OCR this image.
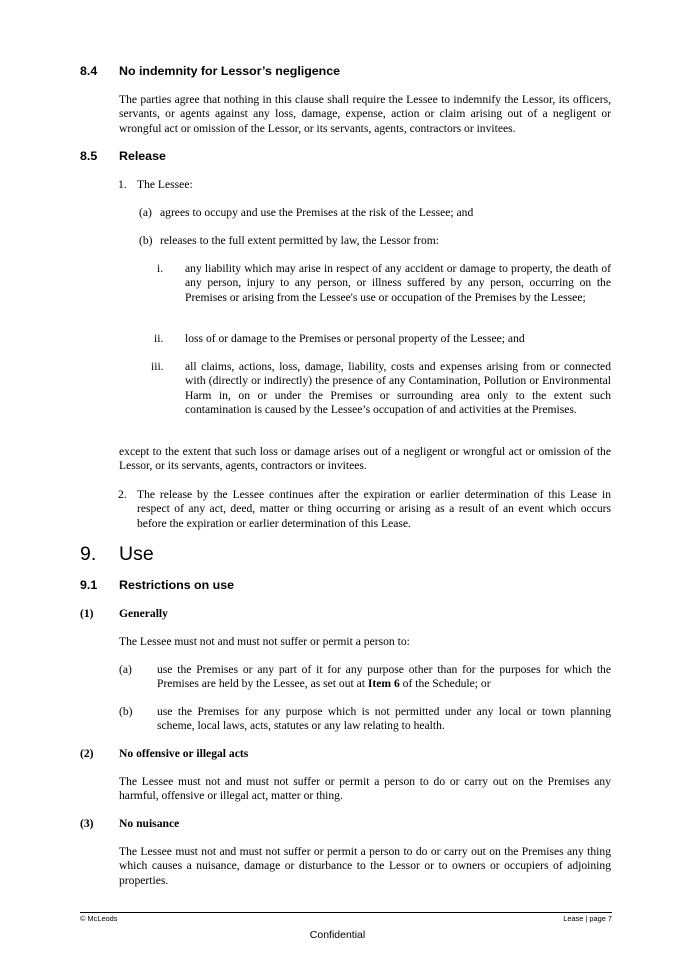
8.4 No indemnity for Lessor’s negligence
The parties agree that nothing in this clause shall require the Lessee to indemnify the Lessor, its officers, servants, or agents against any loss, damage, expense, action or claim arising out of a negligent or wrongful act or omission of the Lessor, or its servants, agents, contractors or invitees.
8.5 Release
1. The Lessee:
(a) agrees to occupy and use the Premises at the risk of the Lessee; and
(b) releases to the full extent permitted by law, the Lessor from:
i. any liability which may arise in respect of any accident or damage to property, the death of any person, injury to any person, or illness suffered by any person, occurring on the Premises or arising from the Lessee's use or occupation of the Premises by the Lessee;
ii. loss of or damage to the Premises or personal property of the Lessee; and
iii. all claims, actions, loss, damage, liability, costs and expenses arising from or connected with (directly or indirectly) the presence of any Contamination, Pollution or Environmental Harm in, on or under the Premises or surrounding area only to the extent such contamination is caused by the Lessee’s occupation of and activities at the Premises.
except to the extent that such loss or damage arises out of a negligent or wrongful act or omission of the Lessor, or its servants, agents, contractors or invitees.
2. The release by the Lessee continues after the expiration or earlier determination of this Lease in respect of any act, deed, matter or thing occurring or arising as a result of an event which occurs before the expiration or earlier determination of this Lease.
9. Use
9.1 Restrictions on use
(1) Generally
The Lessee must not and must not suffer or permit a person to:
(a) use the Premises or any part of it for any purpose other than for the purposes for which the Premises are held by the Lessee, as set out at Item 6 of the Schedule; or
(b) use the Premises for any purpose which is not permitted under any local or town planning scheme, local laws, acts, statutes or any law relating to health.
(2) No offensive or illegal acts
The Lessee must not and must not suffer or permit a person to do or carry out on the Premises any harmful, offensive or illegal act, matter or thing.
(3) No nuisance
The Lessee must not and must not suffer or permit a person to do or carry out on the Premises any thing which causes a nuisance, damage or disturbance to the Lessor or to owners or occupiers of adjoining properties.
© McLeods	Lease | page 7
Confidential
